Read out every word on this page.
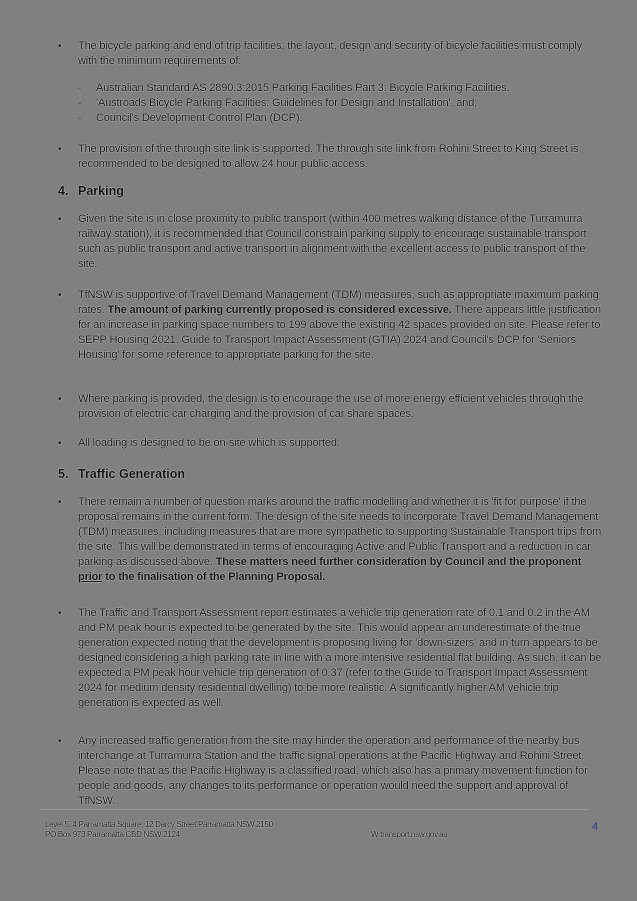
• The bicycle parking and end of trip facilities, the layout, design and security of bicycle facilities must comply with the minimum requirements of:
- Australian Standard AS 2890.3:2015 Parking Facilities Part 3: Bicycle Parking Facilities.
- 'Austroads Bicycle Parking Facilities: Guidelines for Design and Installation', and;
- Council's Development Control Plan (DCP).
• The provision of the through site link is supported. The through site link from Rohini Street to King Street is recommended to be designed to allow 24 hour public access.
4. Parking
• Given the site is in close proximity to public transport (within 400 metres walking distance of the Turramurra railway station), it is recommended that Council constrain parking supply to encourage sustainable transport such as public transport and active transport in alignment with the excellent access to public transport of the site.
• TfNSW is supportive of Travel Demand Management (TDM) measures, such as appropriate maximum parking rates. The amount of parking currently proposed is considered excessive. There appears little justification for an increase in parking space numbers to 199 above the existing 42 spaces provided on site. Please refer to SEPP Housing 2021, Guide to Transport Impact Assessment (GTIA) 2024 and Council's DCP for 'Seniors Housing' for some reference to appropriate parking for the site.
• Where parking is provided, the design is to encourage the use of more energy efficient vehicles through the provision of electric car charging and the provision of car share spaces.
• All loading is designed to be on-site which is supported.
5. Traffic Generation
• There remain a number of question marks around the traffic modelling and whether it is 'fit for purpose' if the proposal remains in the current form. The design of the site needs to incorporate Travel Demand Management (TDM) measures, including measures that are more sympathetic to supporting Sustainable Transport trips from the site. This will be demonstrated in terms of encouraging Active and Public Transport and a reduction in car parking as discussed above. These matters need further consideration by Council and the proponent prior to the finalisation of the Planning Proposal.
• The Traffic and Transport Assessment report estimates a vehicle trip generation rate of 0.1 and 0.2 in the AM and PM peak hour is expected to be generated by the site. This would appear an underestimate of the true generation expected noting that the development is proposing living for 'down-sizers' and in turn appears to be designed considering a high parking rate in line with a more intensive residential flat building. As such, it can be expected a PM peak hour vehicle trip generation of 0.37 (refer to the Guide to Transport Impact Assessment 2024 for medium density residential dwelling) to be more realistic. A significantly higher AM vehicle trip generation is expected as well.
• Any increased traffic generation from the site may hinder the operation and performance of the nearby bus interchange at Turramurra Station and the traffic signal operations at the Pacific Highway and Rohini Street. Please note that as the Pacific Highway is a classified road, which also has a primary movement function for people and goods, any changes to its performance or operation would need the support and approval of TfNSW.
Level 5, 4 Parramatta Square, 12 Darcy Street Parramatta NSW 2150
PO Box 973 Parramatta CBD NSW 2124	W transport.nsw.gov.au
4
